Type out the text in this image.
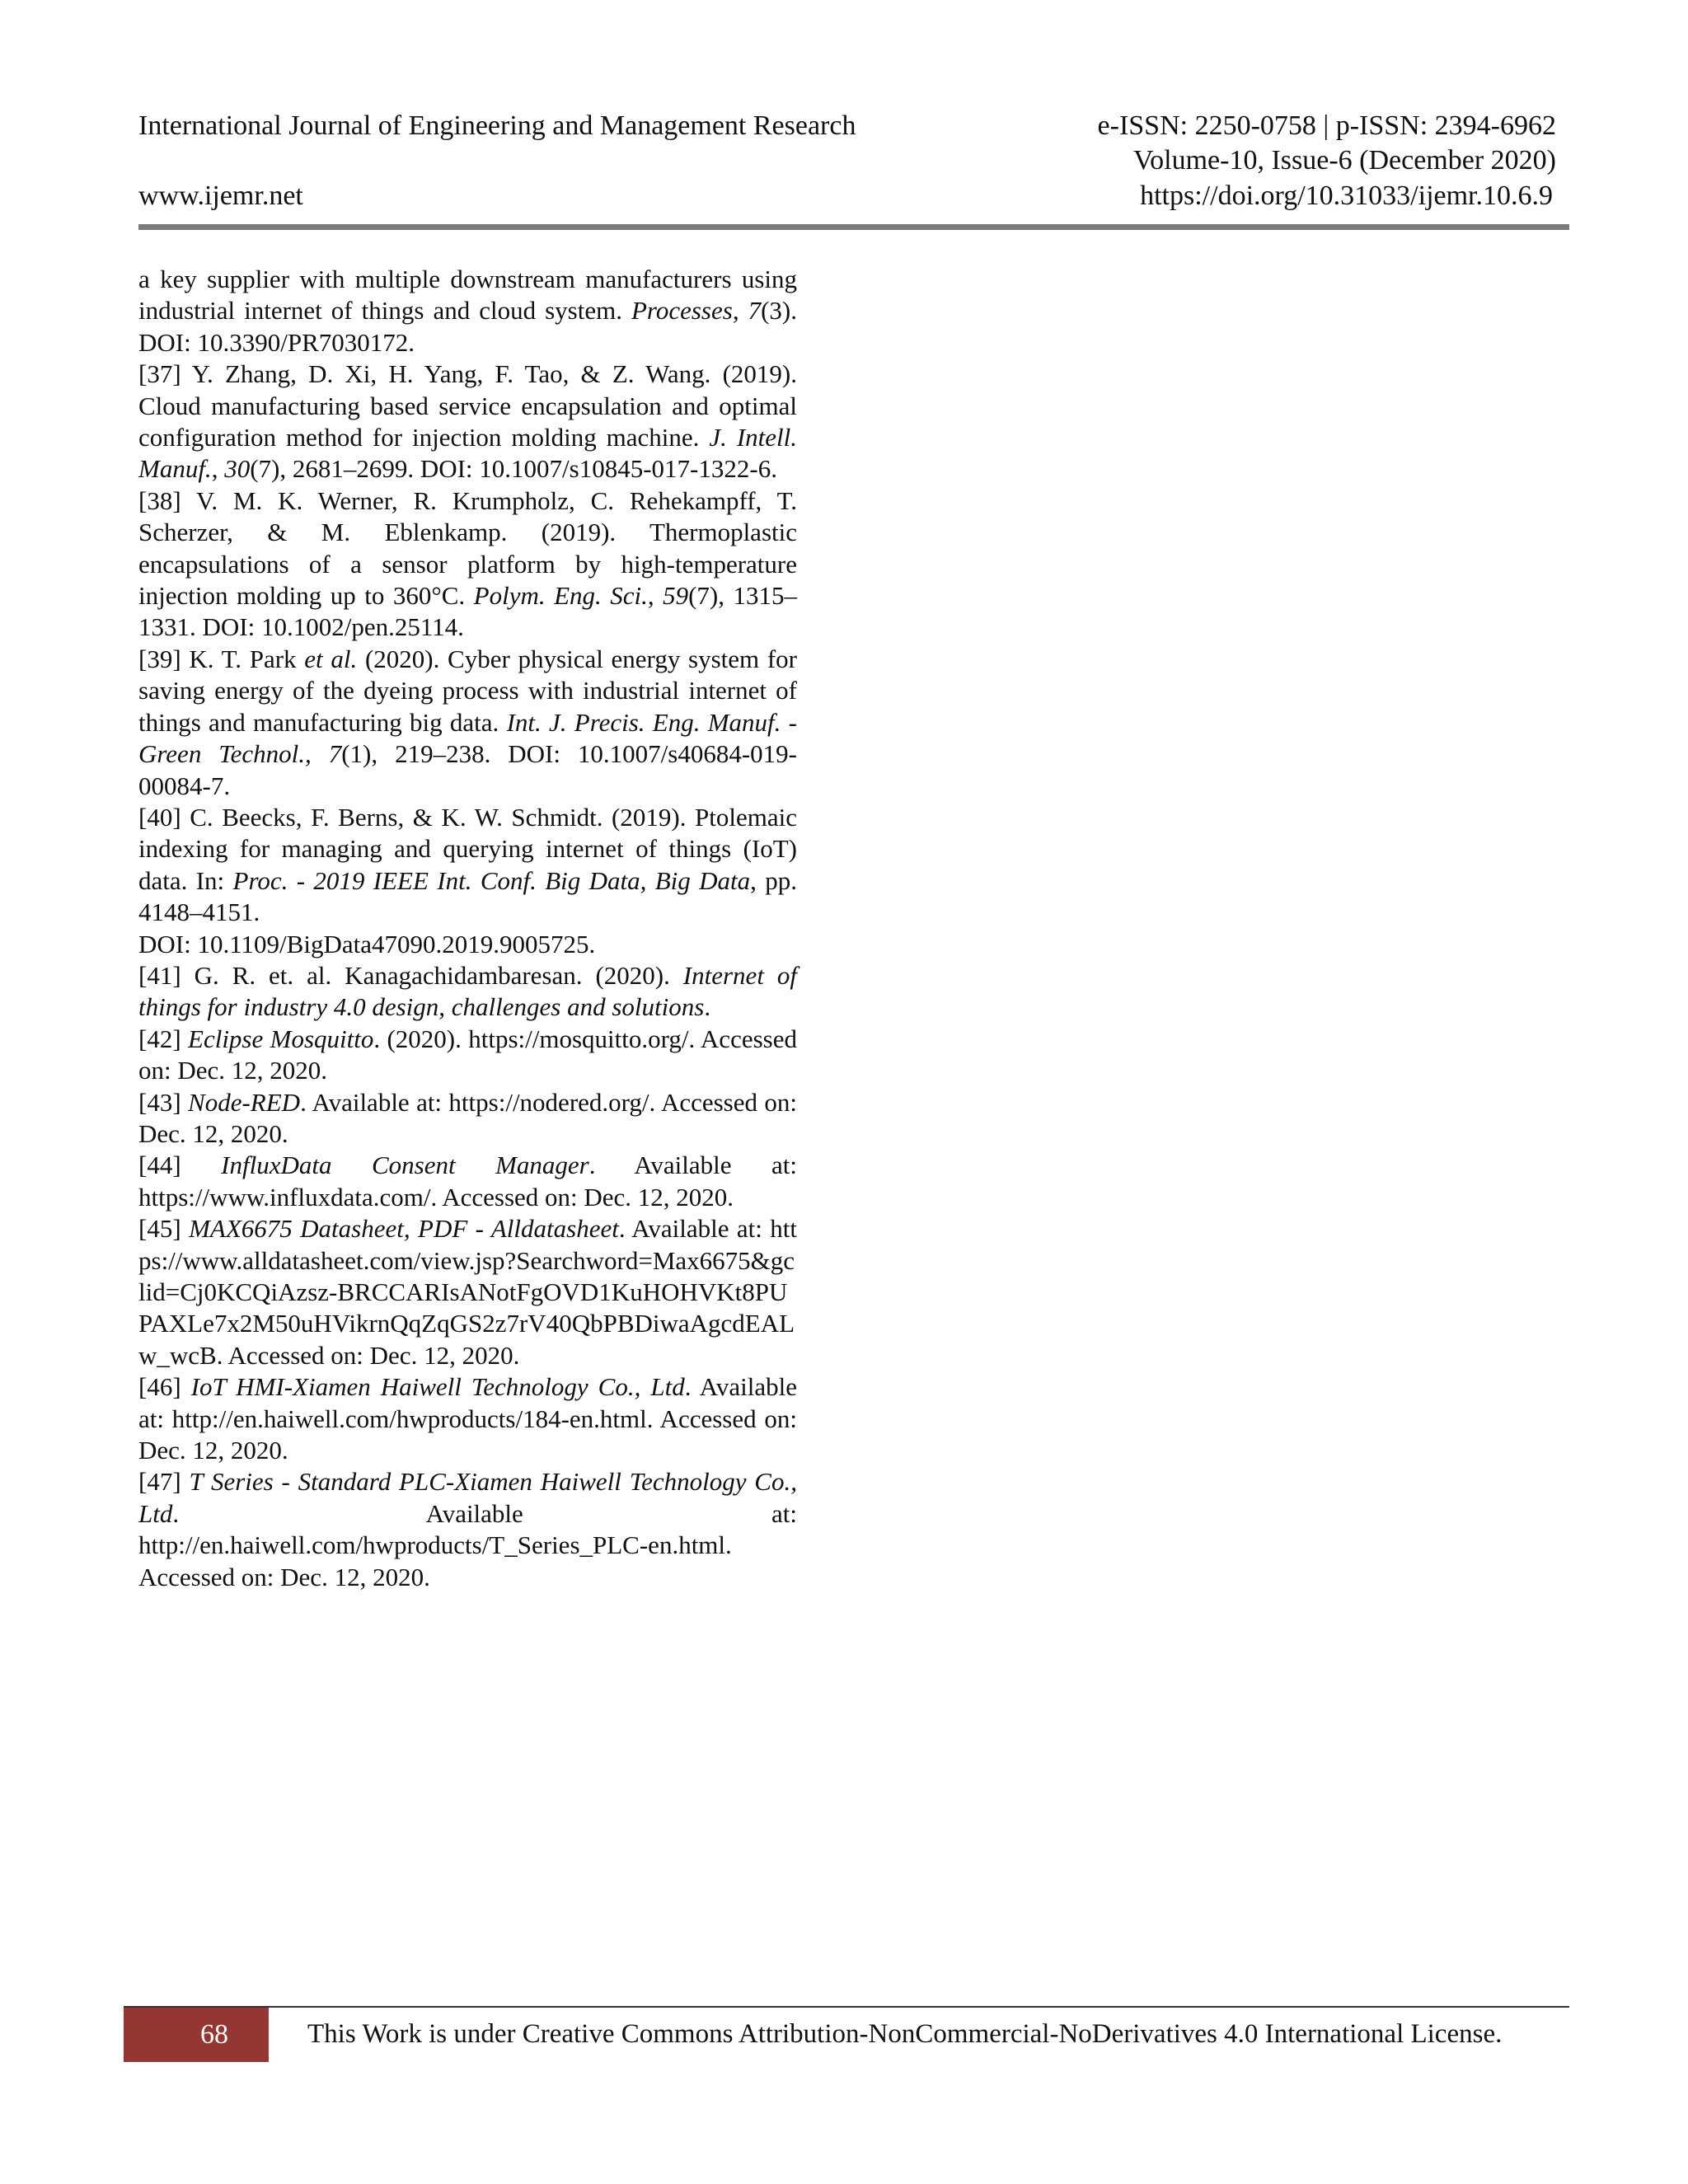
International Journal of Engineering and Management Research	e-ISSN: 2250-0758 | p-ISSN: 2394-6962
Volume-10, Issue-6 (December 2020)
www.ijemr.net	https://doi.org/10.31033/ijemr.10.6.9

a key supplier with multiple downstream manufacturers using industrial internet of things and cloud system. Processes, 7(3). DOI: 10.3390/PR7030172.

[37] Y. Zhang, D. Xi, H. Yang, F. Tao, & Z. Wang. (2019). Cloud manufacturing based service encapsulation and optimal configuration method for injection molding machine. J. Intell. Manuf., 30(7), 2681–2699. DOI: 10.1007/s10845-017-1322-6.

[38] V. M. K. Werner, R. Krumpholz, C. Rehekampff, T. Scherzer, & M. Eblenkamp. (2019). Thermoplastic encapsulations of a sensor platform by high-temperature injection molding up to 360°C. Polym. Eng. Sci., 59(7), 1315–1331. DOI: 10.1002/pen.25114.

[39] K. T. Park et al. (2020). Cyber physical energy system for saving energy of the dyeing process with industrial internet of things and manufacturing big data. Int. J. Precis. Eng. Manuf. - Green Technol., 7(1), 219–238. DOI: 10.1007/s40684-019-00084-7.

[40] C. Beecks, F. Berns, & K. W. Schmidt. (2019). Ptolemaic indexing for managing and querying internet of things (IoT) data. In: Proc. - 2019 IEEE Int. Conf. Big Data, Big Data, pp. 4148–4151.

DOI: 10.1109/BigData47090.2019.9005725.

[41] G. R. et. al. Kanagachidambaresan. (2020). Internet of things for industry 4.0 design, challenges and solutions.

[42] Eclipse Mosquitto. (2020). https://mosquitto.org/. Accessed on: Dec. 12, 2020.

[43] Node-RED. Available at: https://nodered.org/. Accessed on: Dec. 12, 2020.

[44] InfluxData Consent Manager. Available at: https://www.influxdata.com/. Accessed on: Dec. 12, 2020.

[45] MAX6675 Datasheet, PDF - Alldatasheet. Available at: https://www.alldatasheet.com/view.jsp?Searchword=Max6675&gclid=Cj0KCQiAzsz-BRCCARIsANotFgOVD1KuHOHVKt8PUPAXLe7x2M50uHVikrnQqZqGS2z7rV40QbPBDiwaAgcdEALw_wcB. Accessed on: Dec. 12, 2020.

[46] IoT HMI-Xiamen Haiwell Technology Co., Ltd. Available at: http://en.haiwell.com/hwproducts/184-en.html. Accessed on: Dec. 12, 2020.

[47] T Series - Standard PLC-Xiamen Haiwell Technology Co., Ltd. Available at: http://en.haiwell.com/hwproducts/T_Series_PLC-en.html. Accessed on: Dec. 12, 2020.

68	This Work is under Creative Commons Attribution-NonCommercial-NoDerivatives 4.0 International License.
